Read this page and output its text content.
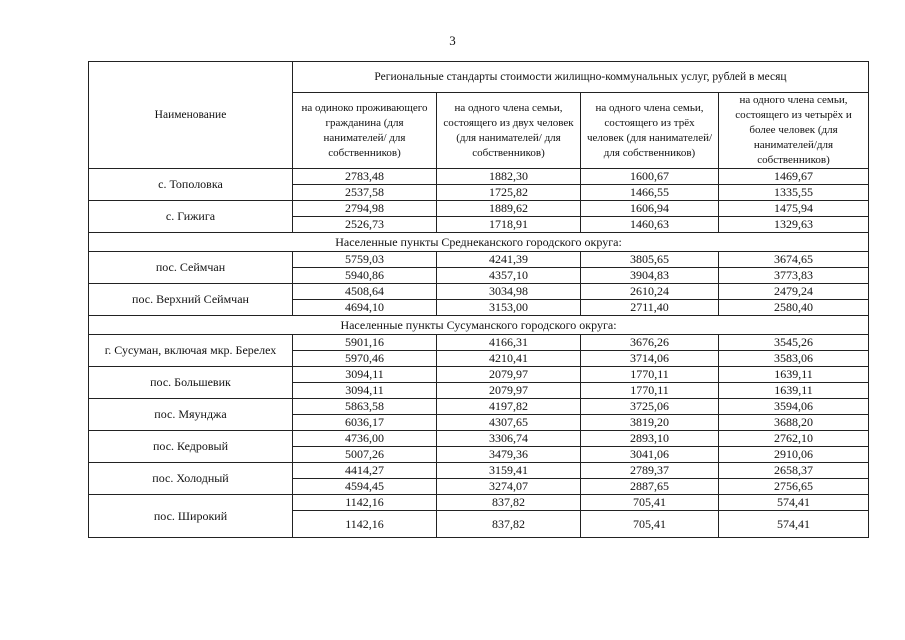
3
Наименование	Региональные стандарты стоимости жилищно-коммунальных услуг, рублей в месяц			
	на одиноко проживающего гражданина (для нанимателей/ для собственников)	на одного члена семьи, состоящего из двух человек (для нанимателей/ для собственников)	на одного члена семьи, состоящего из трёх человек (для нанимателей/для собственников)	на одного члена семьи, состоящего из четырёх и более человек (для нанимателей/для собственников)
с. Тополовка	2783,48	1882,30	1600,67	1469,67
	2537,58	1725,82	1466,55	1335,55
с. Гижига	2794,98	1889,62	1606,94	1475,94
	2526,73	1718,91	1460,63	1329,63
Населенные пункты Среднеканского городского округа:				
пос. Сеймчан	5759,03	4241,39	3805,65	3674,65
	5940,86	4357,10	3904,83	3773,83
пос. Верхний Сеймчан	4508,64	3034,98	2610,24	2479,24
	4694,10	3153,00	2711,40	2580,40
Населенные пункты Сусуманского городского округа:				
г. Сусуман, включая мкр. Берелех	5901,16	4166,31	3676,26	3545,26
	5970,46	4210,41	3714,06	3583,06
пос. Большевик	3094,11	2079,97	1770,11	1639,11
	3094,11	2079,97	1770,11	1639,11
пос. Мяунджа	5863,58	4197,82	3725,06	3594,06
	6036,17	4307,65	3819,20	3688,20
пос. Кедровый	4736,00	3306,74	2893,10	2762,10
	5007,26	3479,36	3041,06	2910,06
пос. Холодный	4414,27	3159,41	2789,37	2658,37
	4594,45	3274,07	2887,65	2756,65
пос. Широкий	1142,16	837,82	705,41	574,41
	1142,16	837,82	705,41	574,41
